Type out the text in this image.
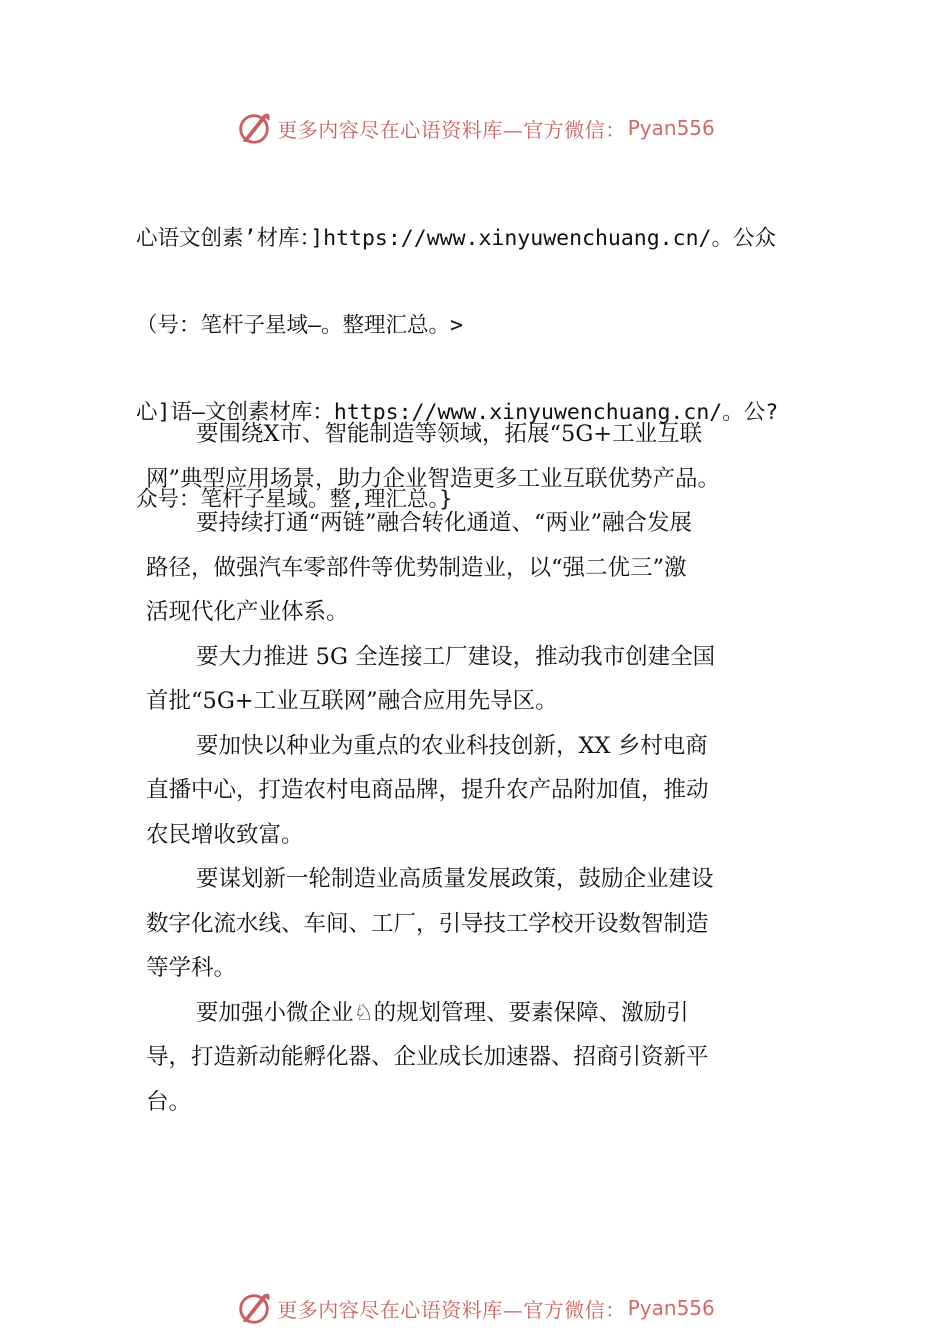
更多内容尽在心语资料库—官方微信： Pyan556

心语文创素’材库：]https://www.xinyuwenchuang.cn/。公众

（号：笔杆子星域—。整理汇总。>

心]语—文创素材库：https://www.xinyuwenchuang.cn/。公?

众号：笔杆子星域。整,理汇总。}

要围绕X市、智能制造等领域，拓展“5G+工业互联

网”典型应用场景，助力企业智造更多工业互联优势产品。

要持续打通“两链”融合转化通道、“两业”融合发展

路径，做强汽车零部件等优势制造业，以“强二优三”激

活现代化产业体系。

要大力推进 5G 全连接工厂建设，推动我市创建全国

首批“5G+工业互联网”融合应用先导区。

要加快以种业为重点的农业科技创新，XX 乡村电商

直播中心，打造农村电商品牌，提升农产品附加值，推动

农民增收致富。

要谋划新一轮制造业高质量发展政策，鼓励企业建设

数字化流水线、车间、工厂，引导技工学校开设数智制造

等学科。

要加强小微企业♘的规划管理、要素保障、激励引

导，打造新动能孵化器、企业成长加速器、招商引资新平

台。

更多内容尽在心语资料库—官方微信： Pyan556
